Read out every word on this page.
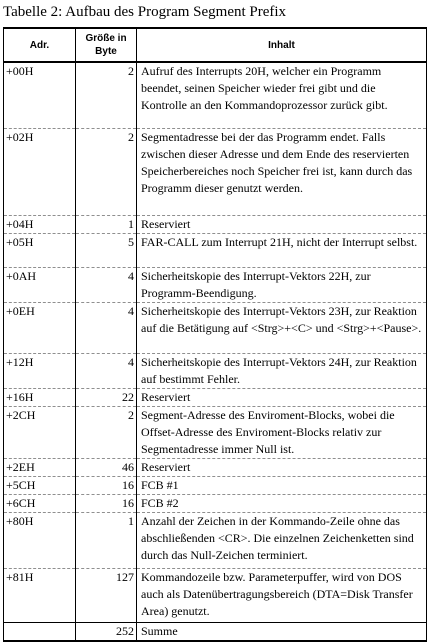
Tabelle 2: Aufbau des Program Segment Prefix
Adr.	Größe in Byte	Inhalt
+00H	2	Aufruf des Interrupts 20H, welcher ein Programm beendet, seinen Speicher wieder frei gibt und die Kontrolle an den Kommandoprozessor zurück gibt.
+02H	2	Segmentadresse bei der das Programm endet. Falls zwischen dieser Adresse und dem Ende des reservierten Speicherbereiches noch Speicher frei ist, kann durch das Programm dieser genutzt werden.
+04H	1	Reserviert
+05H	5	FAR-CALL zum Interrupt 21H, nicht der Interrupt selbst.
+0AH	4	Sicherheitskopie des Interrupt-Vektors 22H, zur Programm-Beendigung.
+0EH	4	Sicherheitskopie des Interrupt-Vektors 23H, zur Reaktion auf die Betätigung auf <Strg>+<C> und <Strg>+<Pause>.
+12H	4	Sicherheitskopie des Interrupt-Vektors 24H, zur Reaktion auf bestimmt Fehler.
+16H	22	Reserviert
+2CH	2	Segment-Adresse des Enviroment-Blocks, wobei die Offset-Adresse des Enviroment-Blocks relativ zur Segmentadresse immer Null ist.
+2EH	46	Reserviert
+5CH	16	FCB #1
+6CH	16	FCB #2
+80H	1	Anzahl der Zeichen in der Kommando-Zeile ohne das abschließenden <CR>. Die einzelnen Zeichenketten sind durch das Null-Zeichen terminiert.
+81H	127	Kommandozeile bzw. Parameterpuffer, wird von DOS auch als Datenübertragungsbereich (DTA=Disk Transfer Area) genutzt.
	252	Summe
